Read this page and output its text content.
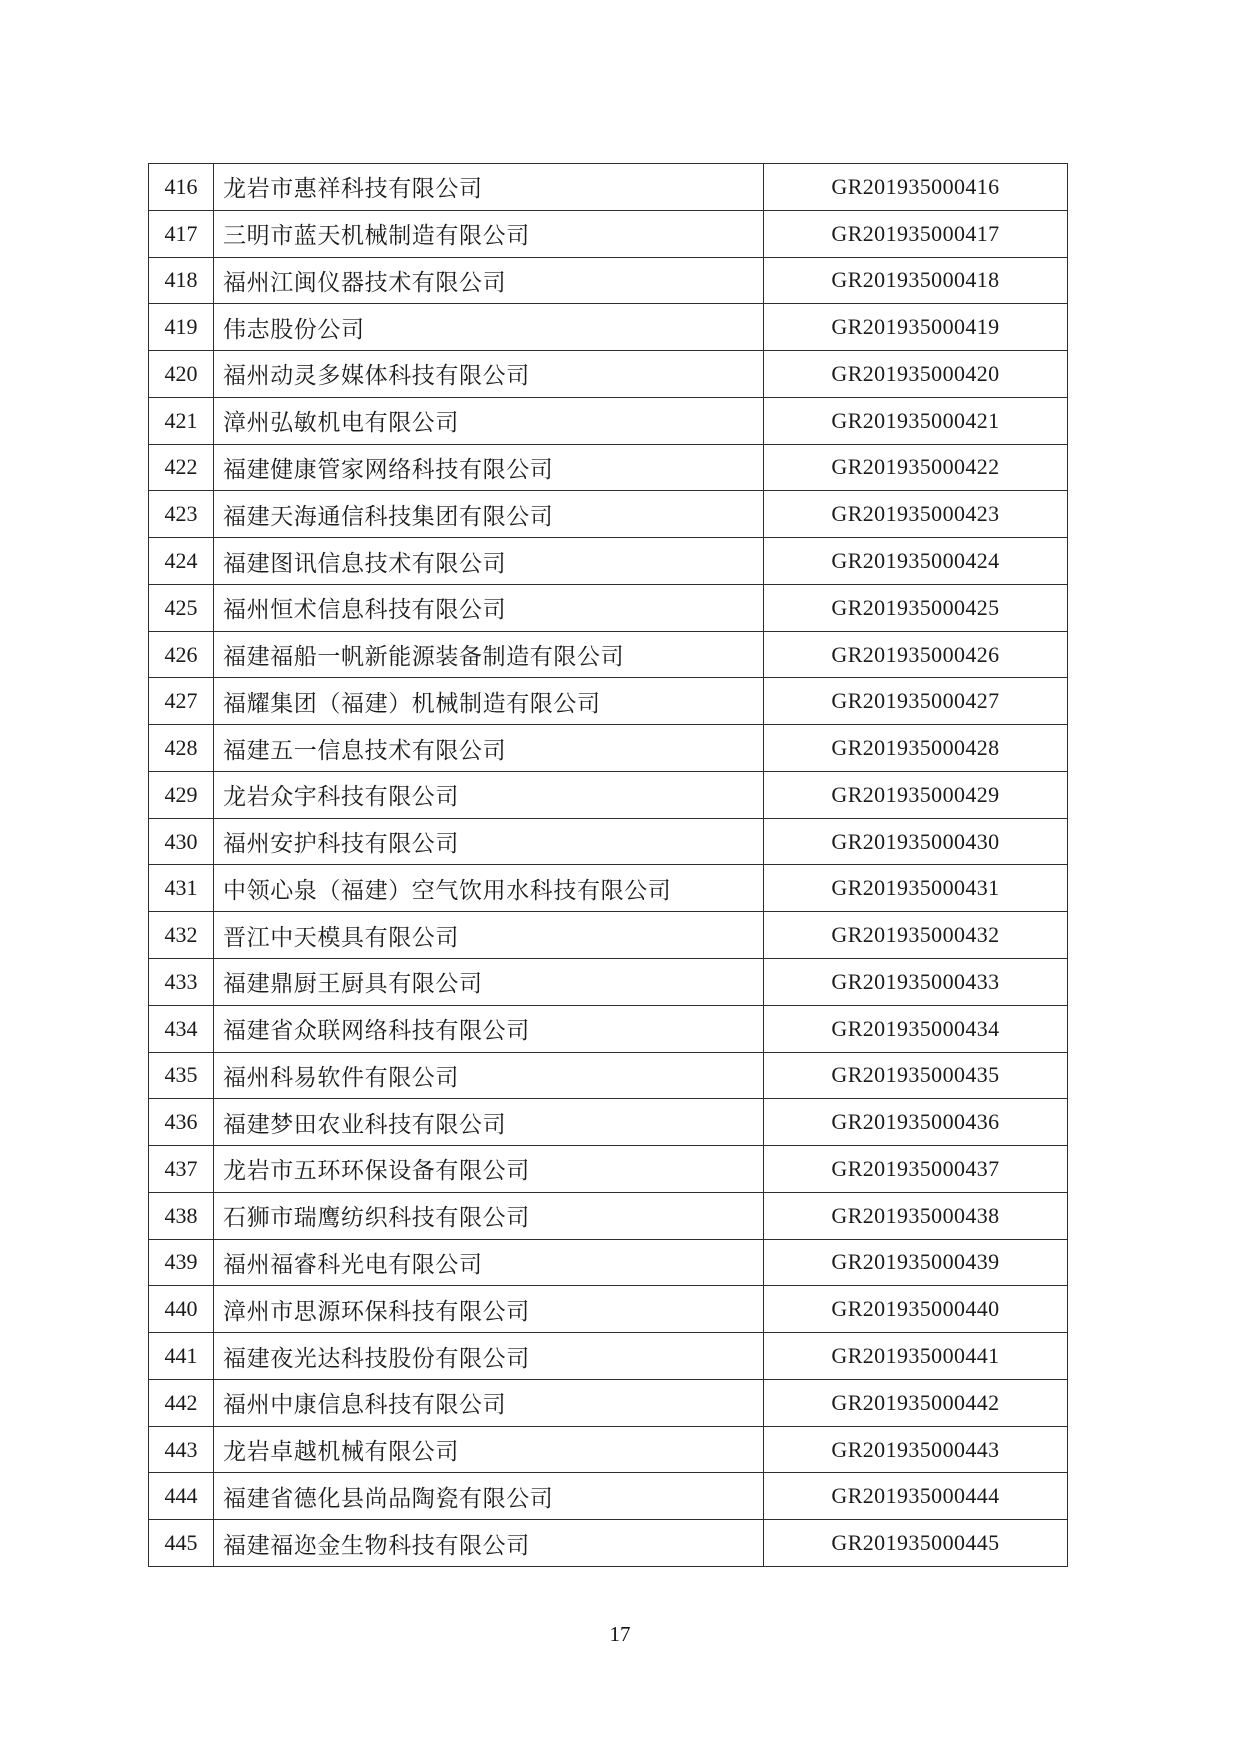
416	龙岩市惠祥科技有限公司	GR201935000416
417	三明市蓝天机械制造有限公司	GR201935000417
418	福州江闽仪器技术有限公司	GR201935000418
419	伟志股份公司	GR201935000419
420	福州动灵多媒体科技有限公司	GR201935000420
421	漳州弘敏机电有限公司	GR201935000421
422	福建健康管家网络科技有限公司	GR201935000422
423	福建天海通信科技集团有限公司	GR201935000423
424	福建图讯信息技术有限公司	GR201935000424
425	福州恒术信息科技有限公司	GR201935000425
426	福建福船一帆新能源装备制造有限公司	GR201935000426
427	福耀集团（福建）机械制造有限公司	GR201935000427
428	福建五一信息技术有限公司	GR201935000428
429	龙岩众宇科技有限公司	GR201935000429
430	福州安护科技有限公司	GR201935000430
431	中领心泉（福建）空气饮用水科技有限公司	GR201935000431
432	晋江中天模具有限公司	GR201935000432
433	福建鼎厨王厨具有限公司	GR201935000433
434	福建省众联网络科技有限公司	GR201935000434
435	福州科易软件有限公司	GR201935000435
436	福建梦田农业科技有限公司	GR201935000436
437	龙岩市五环环保设备有限公司	GR201935000437
438	石狮市瑞鹰纺织科技有限公司	GR201935000438
439	福州福睿科光电有限公司	GR201935000439
440	漳州市思源环保科技有限公司	GR201935000440
441	福建夜光达科技股份有限公司	GR201935000441
442	福州中康信息科技有限公司	GR201935000442
443	龙岩卓越机械有限公司	GR201935000443
444	福建省德化县尚品陶瓷有限公司	GR201935000444
445	福建福迩金生物科技有限公司	GR201935000445
17
